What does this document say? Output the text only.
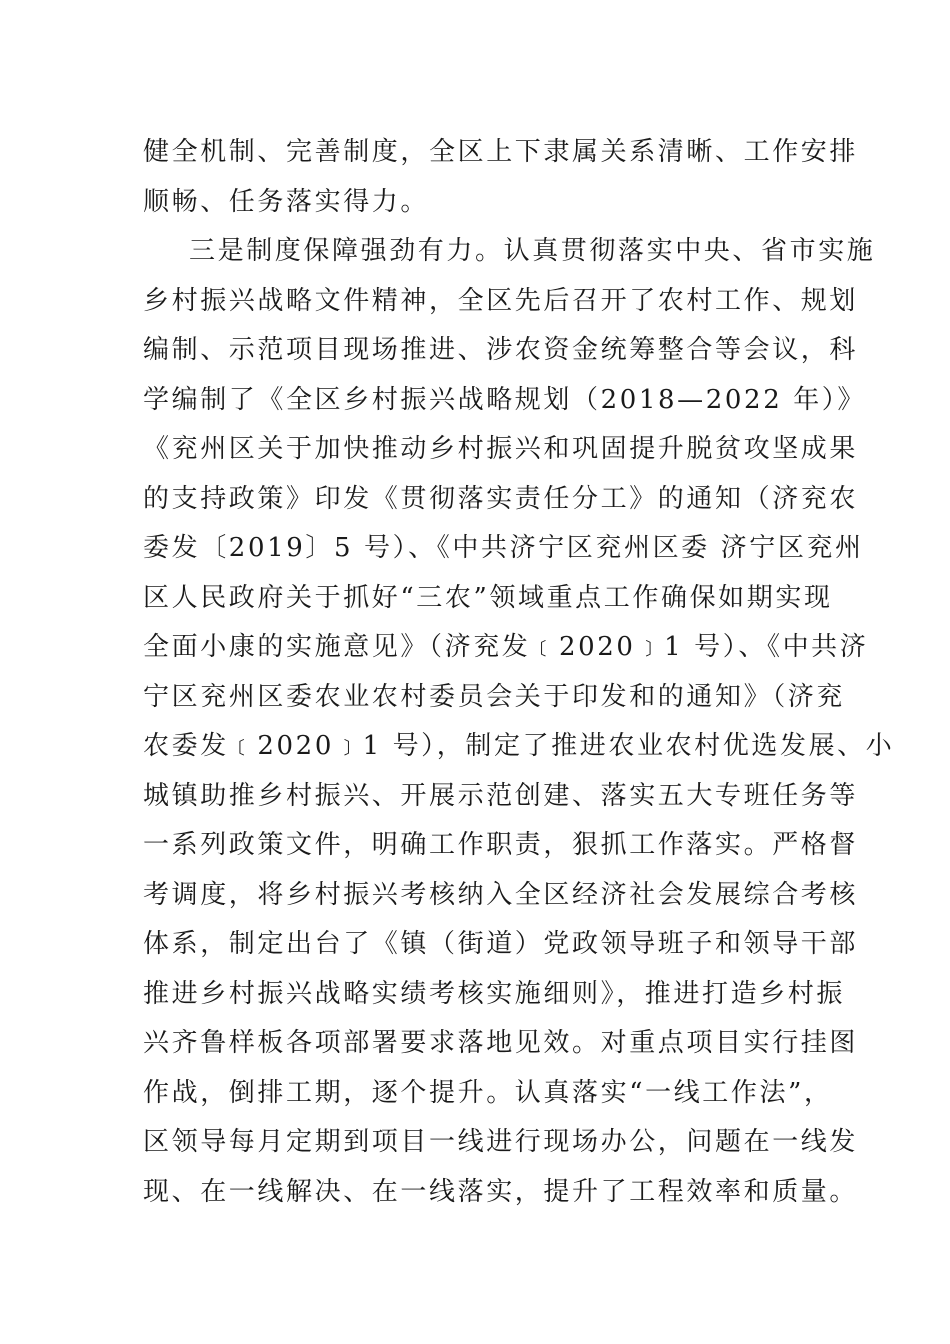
健全机制、完善制度，全区上下隶属关系清晰、工作安排
顺畅、任务落实得力。
三是制度保障强劲有力。认真贯彻落实中央、省市实施
乡村振兴战略文件精神，全区先后召开了农村工作、规划
编制、示范项目现场推进、涉农资金统筹整合等会议，科
学编制了《全区乡村振兴战略规划（2018—2022 年）》
《兖州区关于加快推动乡村振兴和巩固提升脱贫攻坚成果
的支持政策》印发《贯彻落实责任分工》的通知（济兖农
委发〔2019〕5 号）、《中共济宁区兖州区委 济宁区兖州
区人民政府关于抓好“三农”领域重点工作确保如期实现
全面小康的实施意见》（济兖发﹝2020﹞1 号）、《中共济
宁区兖州区委农业农村委员会关于印发和的通知》（济兖
农委发﹝2020﹞1 号），制定了推进农业农村优选发展、小
城镇助推乡村振兴、开展示范创建、落实五大专班任务等
一系列政策文件，明确工作职责，狠抓工作落实。严格督
考调度，将乡村振兴考核纳入全区经济社会发展综合考核
体系，制定出台了《镇（街道）党政领导班子和领导干部
推进乡村振兴战略实绩考核实施细则》，推进打造乡村振
兴齐鲁样板各项部署要求落地见效。对重点项目实行挂图
作战，倒排工期，逐个提升。认真落实“一线工作法”，
区领导每月定期到项目一线进行现场办公，问题在一线发
现、在一线解决、在一线落实，提升了工程效率和质量。
